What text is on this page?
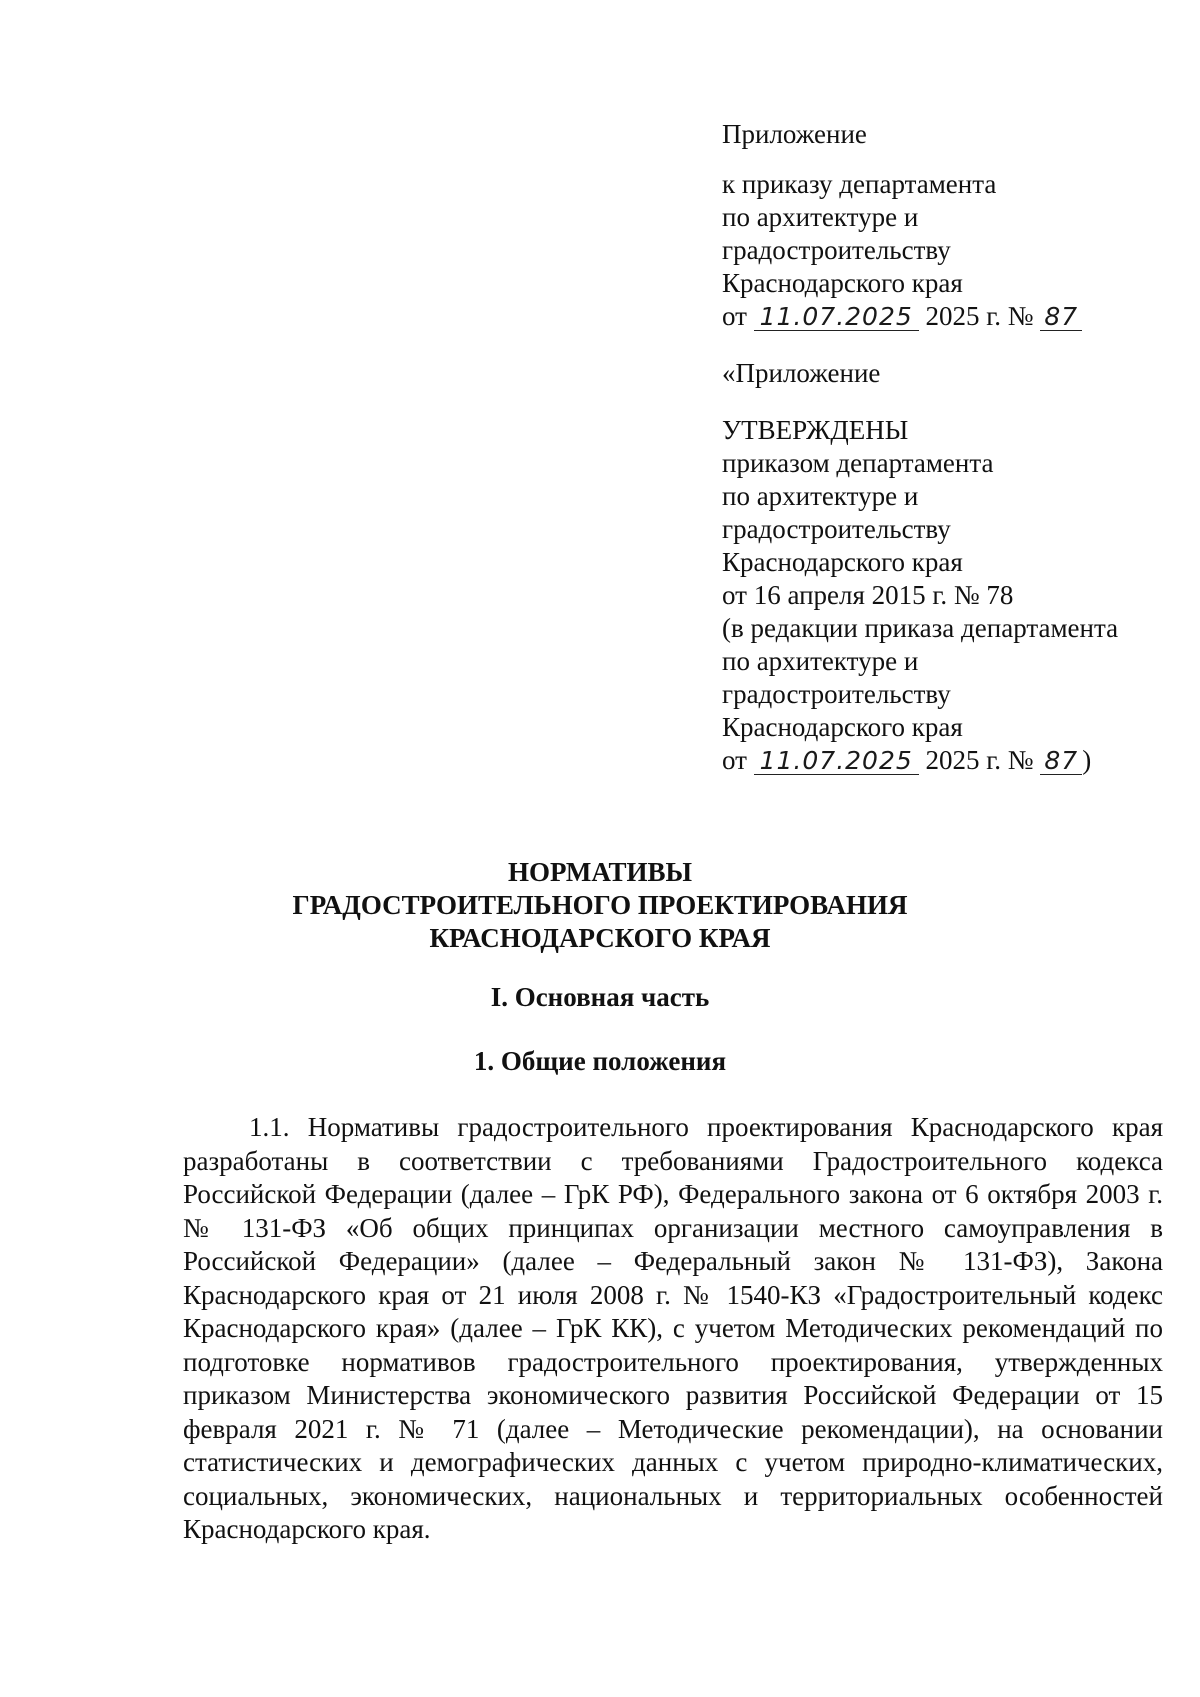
Приложение
к приказу департамента
по архитектуре и
градостроительству
Краснодарского края
от 11.07.2025 2025 г. № 87
«Приложение
УТВЕРЖДЕНЫ
приказом департамента
по архитектуре и
градостроительству
Краснодарского края
от 16 апреля 2015 г. № 78
(в редакции приказа департамента
по архитектуре и
градостроительству
Краснодарского края
от 11.07.2025 2025 г. № 87 )
НОРМАТИВЫ
ГРАДОСТРОИТЕЛЬНОГО ПРОЕКТИРОВАНИЯ
КРАСНОДАРСКОГО КРАЯ
I. Основная часть
1. Общие положения
1.1. Нормативы градостроительного проектирования Краснодарского края разработаны в соответствии с требованиями Градостроительного кодекса Российской Федерации (далее – ГрК РФ), Федерального закона от 6 октября 2003 г. № 131-ФЗ «Об общих принципах организации местного самоуправления в Российской Федерации» (далее – Федеральный закон № 131-ФЗ), Закона Краснодарского края от 21 июля 2008 г. № 1540-КЗ «Градостроительный кодекс Краснодарского края» (далее – ГрК КК), с учетом Методических рекомендаций по подготовке нормативов градостроительного проектирования, утвержденных приказом Министерства экономического развития Российской Федерации от 15 февраля 2021 г. № 71 (далее – Методические рекомендации), на основании статистических и демографических данных с учетом природно-климатических, социальных, экономических, национальных и территориальных особенностей Краснодарского края.
